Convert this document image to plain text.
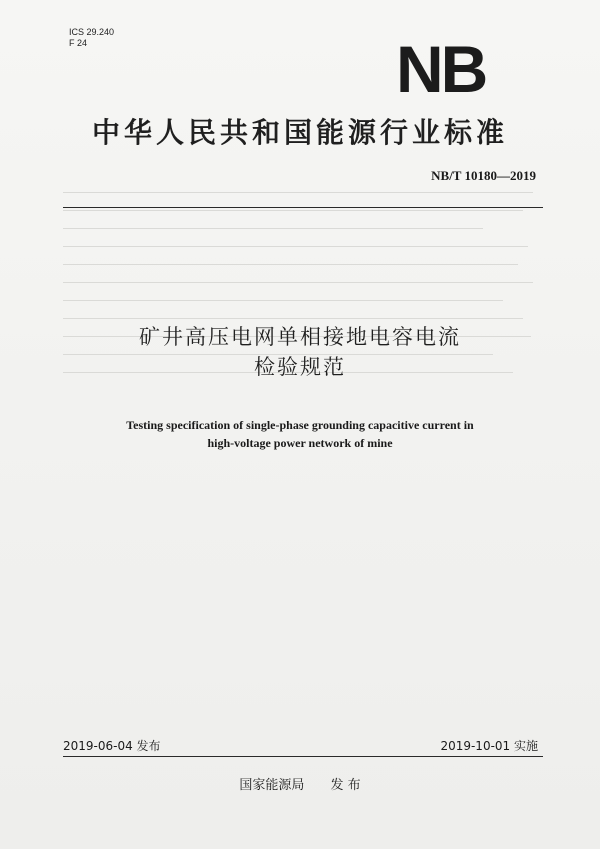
ICS 29.240
F 24	NB
中华人民共和国能源行业标准
NB/T 10180—2019
矿井高压电网单相接地电容电流
检验规范
Testing specification of single-phase grounding capacitive current in
high-voltage power network of mine
2019-06-04 发布	2019-10-01 实施
国家能源局 发 布
